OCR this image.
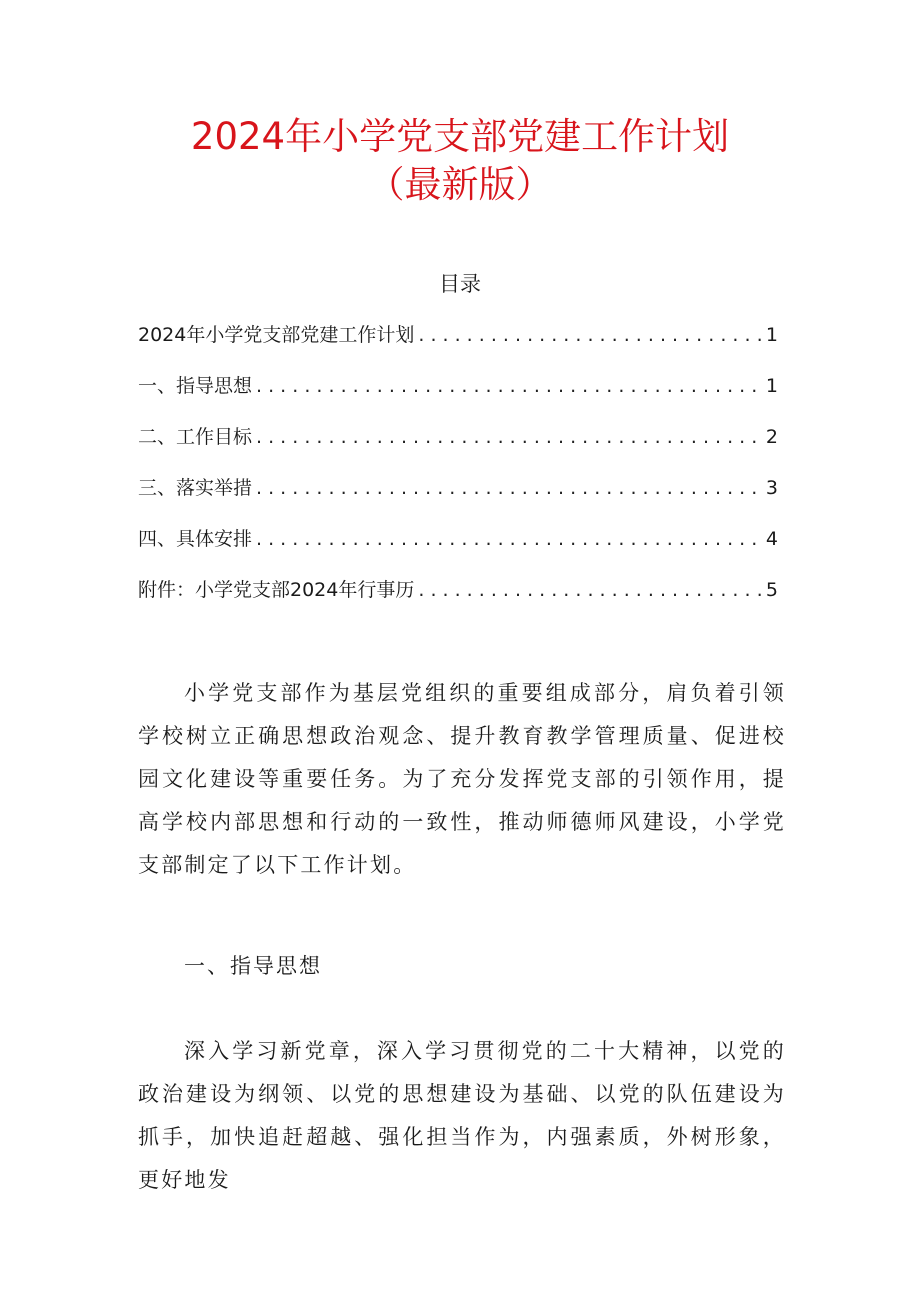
2024年小学党支部党建工作计划
（最新版）
目录
2024年小学党支部党建工作计划 . . .	1
一、指导思想 . . .	1
二、工作目标 . . .	2
三、落实举措 . . .	3
四、具体安排 . . .	4
附件：小学党支部2024年行事历 . . .	5

小学党支部作为基层党组织的重要组成部分，肩负着引领学校树立正确思想政治观念、提升教育教学管理质量、促进校园文化建设等重要任务。为了充分发挥党支部的引领作用，提高学校内部思想和行动的一致性，推动师德师风建设，小学党支部制定了以下工作计划。

一、指导思想

深入学习新党章，深入学习贯彻党的二十大精神，以党的政治建设为纲领、以党的思想建设为基础、以党的队伍建设为抓手，加快追赶超越、强化担当作为，内强素质，外树形象，更好地发
